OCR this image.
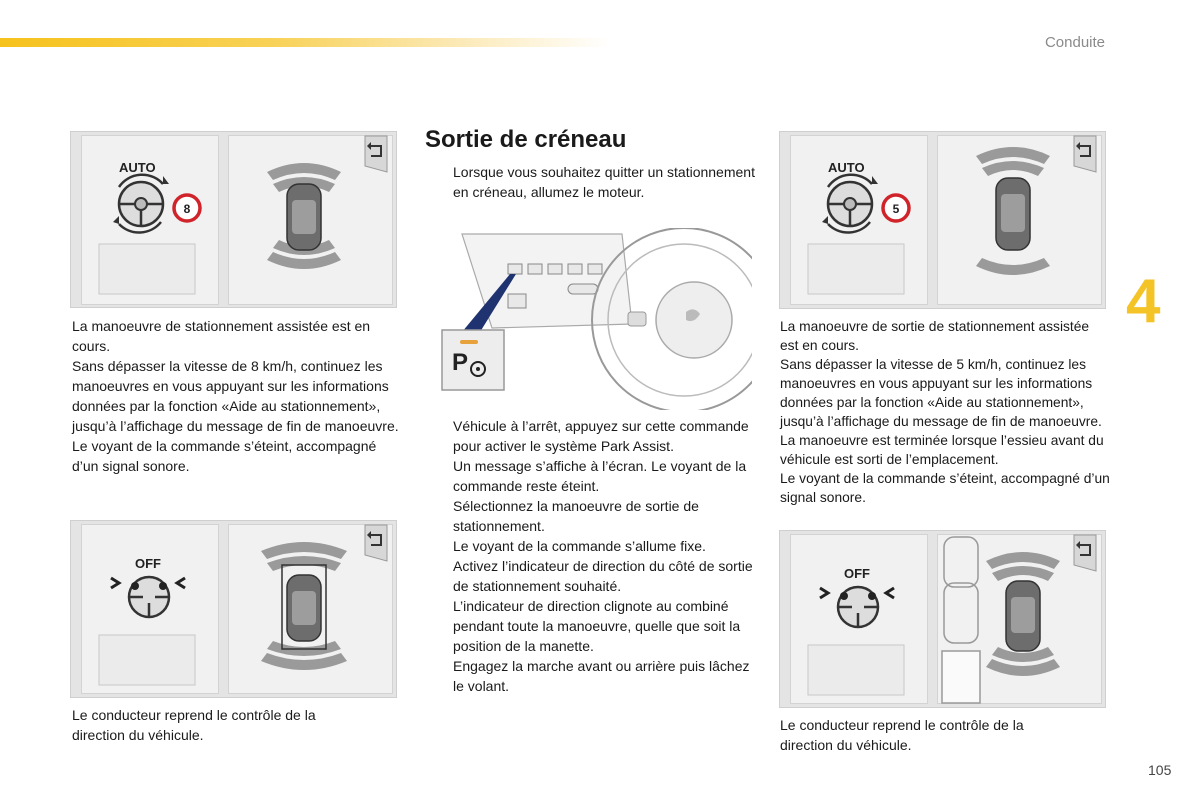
Conduite
4
105
AUTO
8

La manoeuvre de stationnement assistée est en cours.

Sans dépasser la vitesse de 8 km/h, continuez les manoeuvres en vous appuyant sur les informations données par la fonction «Aide au stationnement», jusqu’à l’affichage du message de fin de manoeuvre.

Le voyant de la commande s’éteint, accompagné d’un signal sonore.

OFF
Le conducteur reprend le contrôle de la direction du véhicule.
Sortie de créneau
Lorsque vous souhaitez quitter un stationnement en créneau, allumez le moteur.
P
Véhicule à l’arrêt, appuyez sur cette commande pour activer le système Park Assist.
Un message s’affiche à l’écran. Le voyant de la commande reste éteint.
Sélectionnez la manoeuvre de sortie de stationnement.
Le voyant de la commande s’allume fixe.
Activez l’indicateur de direction du côté de sortie de stationnement souhaité.
L’indicateur de direction clignote au combiné pendant toute la manoeuvre, quelle que soit la position de la manette.
Engagez la marche avant ou arrière puis lâchez le volant.
AUTO
5

La manoeuvre de sortie de stationnement assistée est en cours.

Sans dépasser la vitesse de 5 km/h, continuez les manoeuvres en vous appuyant sur les informations données par la fonction «Aide au stationnement», jusqu’à l’affichage du message de fin de manoeuvre.

La manoeuvre est terminée lorsque l’essieu avant du véhicule est sorti de l’emplacement.

Le voyant de la commande s’éteint, accompagné d’un signal sonore.

OFF
Le conducteur reprend le contrôle de la direction du véhicule.
